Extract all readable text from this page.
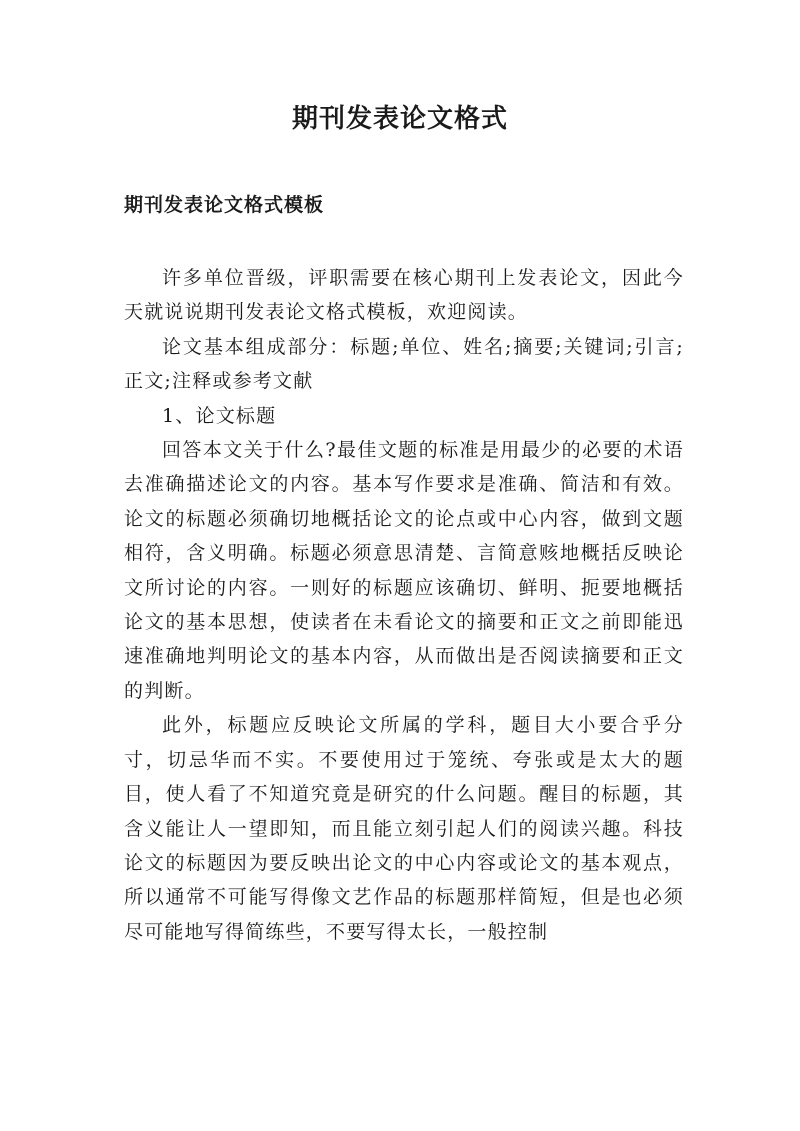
期刊发表论文格式
期刊发表论文格式模板

许多单位晋级，评职需要在核心期刊上发表论文，因此今天就说说期刊发表论文格式模板，欢迎阅读。

论文基本组成部分：标题;单位、姓名;摘要;关键词;引言;正文;注释或参考文献

1、论文标题

回答本文关于什么?最佳文题的标准是用最少的必要的术语去准确描述论文的内容。基本写作要求是准确、简洁和有效。论文的标题必须确切地概括论文的论点或中心内容，做到文题相符，含义明确。标题必须意思清楚、言简意赅地概括反映论文所讨论的内容。一则好的标题应该确切、鲜明、扼要地概括论文的基本思想，使读者在未看论文的摘要和正文之前即能迅速准确地判明论文的基本内容，从而做出是否阅读摘要和正文的判断。

此外，标题应反映论文所属的学科，题目大小要合乎分寸，切忌华而不实。不要使用过于笼统、夸张或是太大的题目，使人看了不知道究竟是研究的什么问题。醒目的标题，其含义能让人一望即知，而且能立刻引起人们的阅读兴趣。科技论文的标题因为要反映出论文的中心内容或论文的基本观点，所以通常不可能写得像文艺作品的标题那样简短，但是也必须尽可能地写得简练些，不要写得太长，一般控制
